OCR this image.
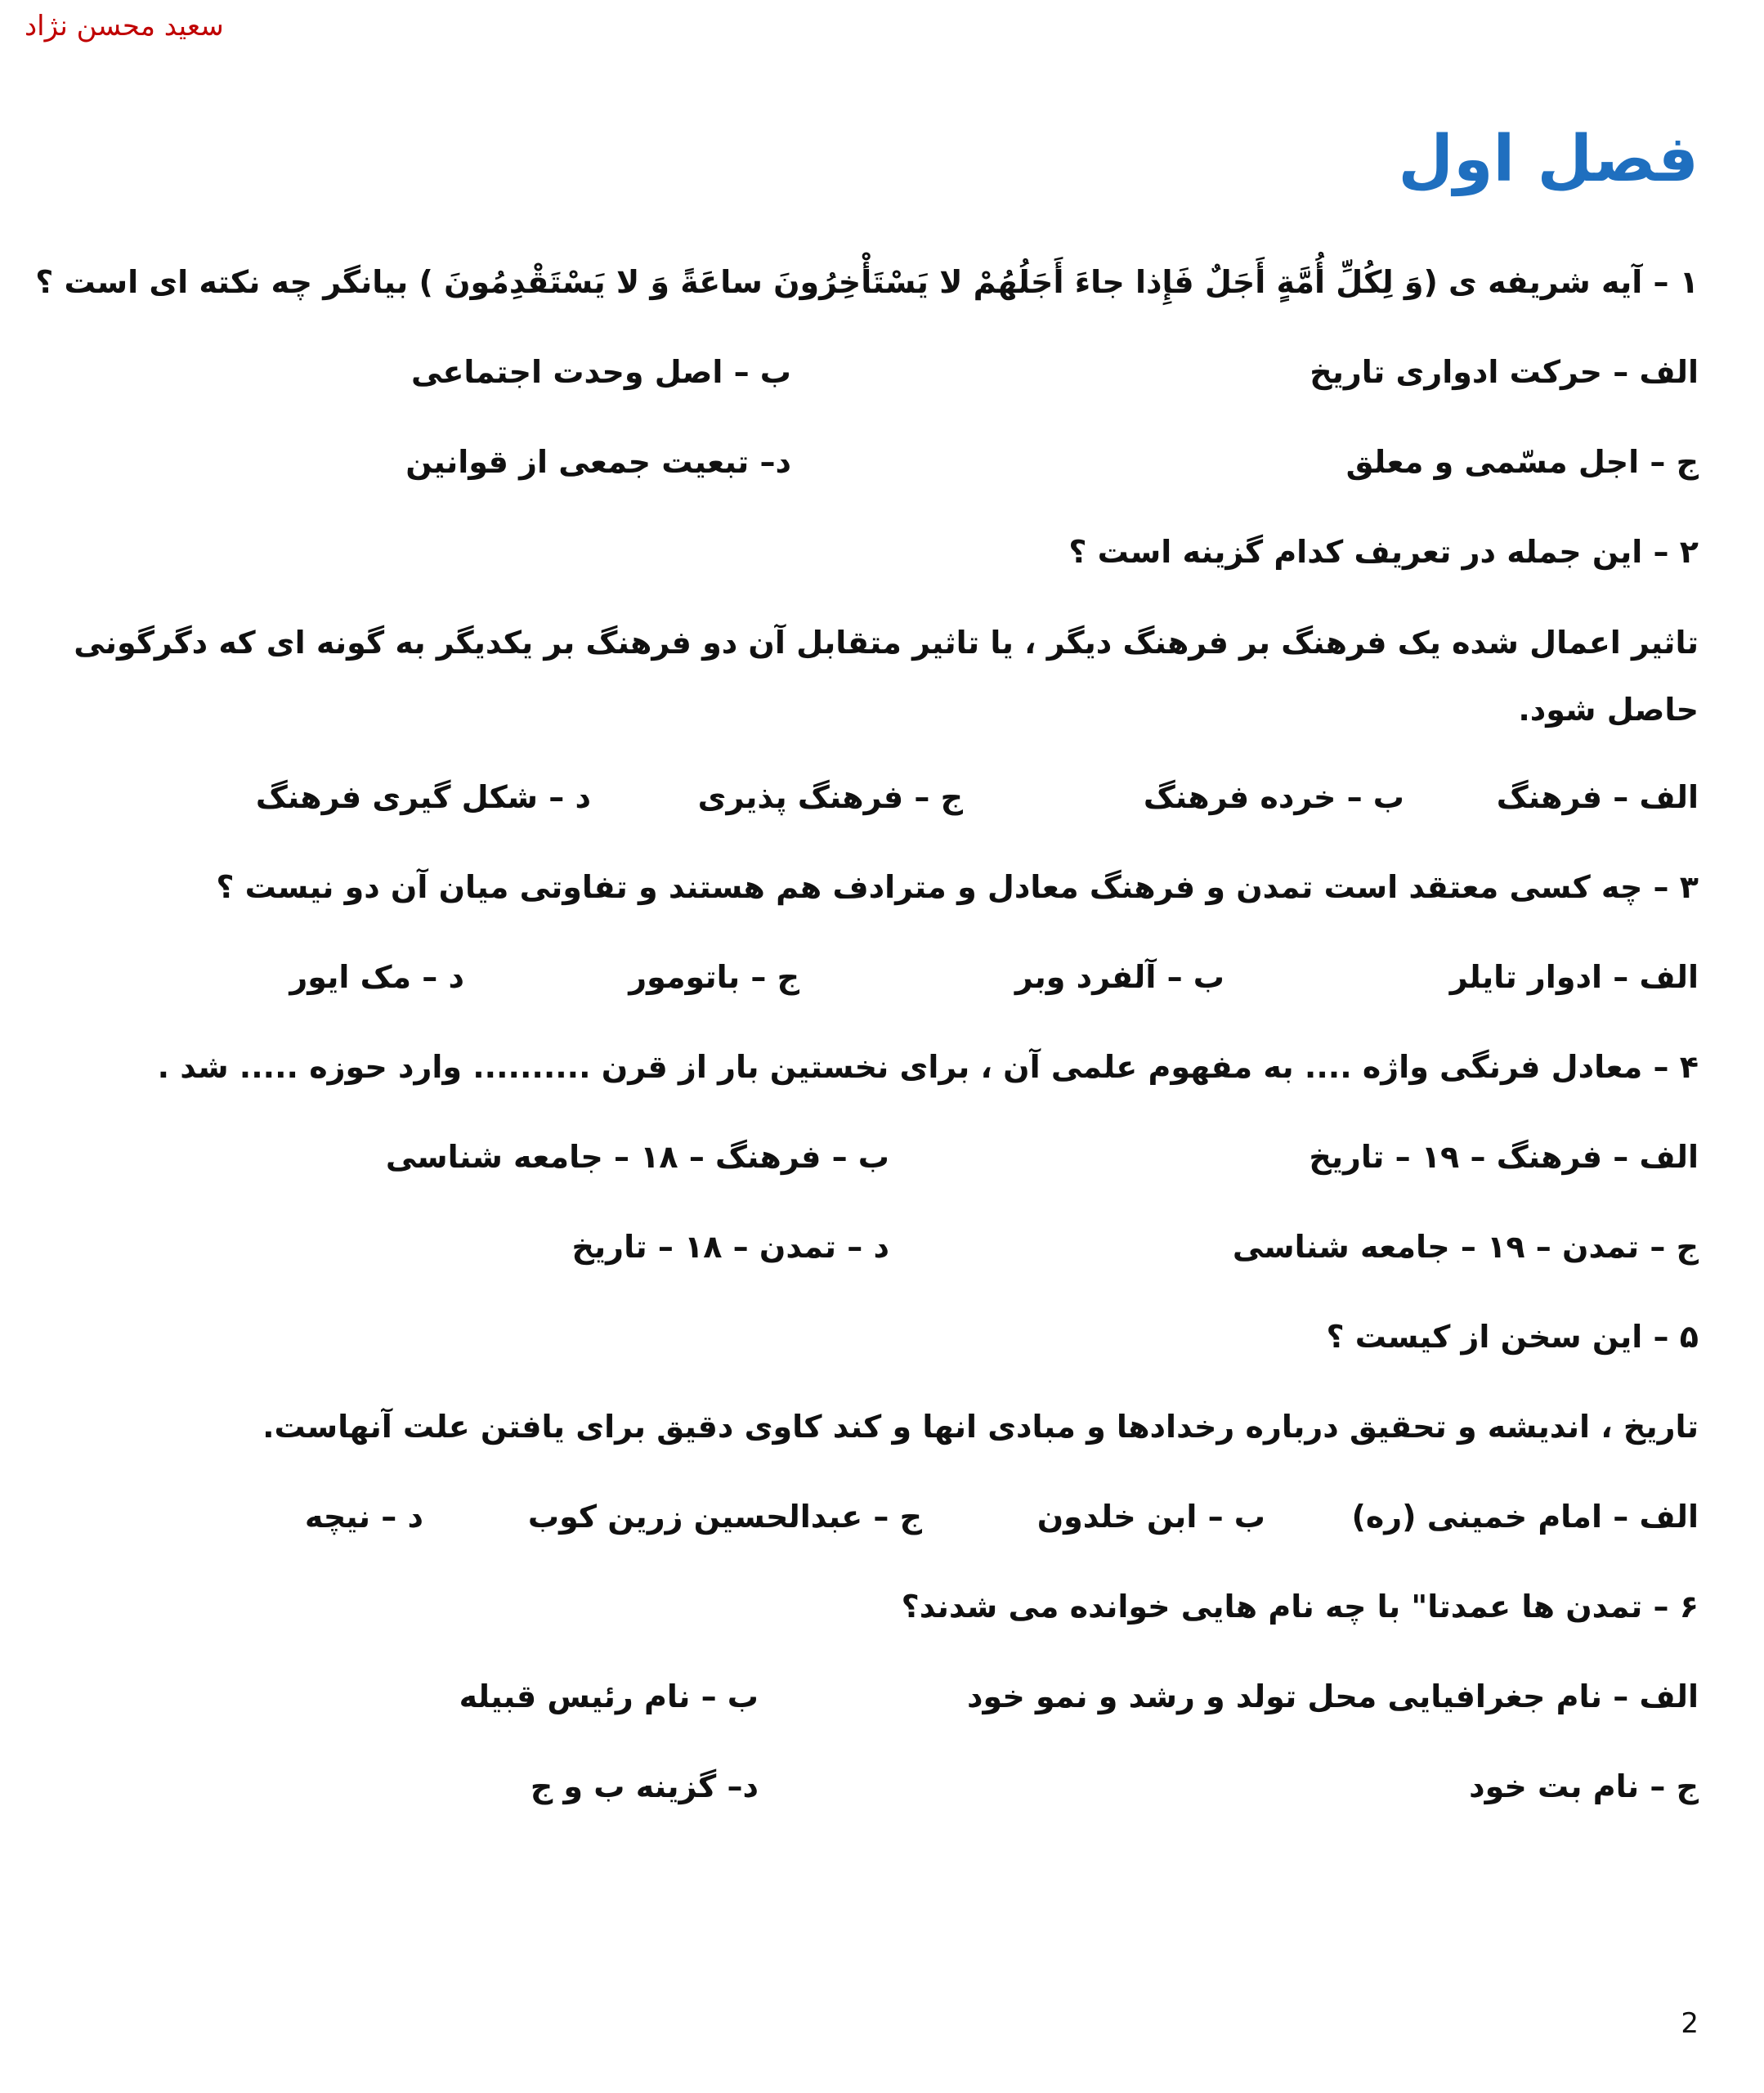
سعید محسن نژاد
فصل اول
۱ – آیه شریفه ی (وَ لِکُلِّ أُمَّةٍ أَجَلٌ فَإِذا جاءَ أَجَلُهُمْ لا یَسْتَأْخِرُونَ ساعَةً وَ لا یَسْتَقْدِمُونَ ) بیانگر چه نکته ای است ؟
الف – حرکت ادواری تاریخ
ب – اصل وحدت اجتماعی
ج – اجل مسّمی و معلق
د– تبعیت جمعی از قوانین
۲ – این جمله در تعریف کدام گزینه است ؟
تاثیر اعمال شده یک فرهنگ بر فرهنگ دیگر ، یا تاثیر متقابل آن دو فرهنگ بر یکدیگر به گونه ای که دگرگونی حاصل شود.
الف – فرهنگ
ب – خرده فرهنگ
ج – فرهنگ پذیری
د – شکل گیری فرهنگ
۳ – چه کسی معتقد است تمدن و فرهنگ معادل و مترادف هم هستند و تفاوتی میان آن دو نیست ؟
الف – ادوار تایلر
ب – آلفرد وبر
ج – باتومور
د – مک ایور
۴ – معادل فرنگی واژه .... به مفهوم علمی آن ، برای نخستین بار از قرن .......... وارد حوزه ..... شد .
الف – فرهنگ – ۱۹ – تاریخ
ب – فرهنگ – ۱۸ – جامعه شناسی
ج – تمدن – ۱۹ – جامعه شناسی
د – تمدن – ۱۸ – تاریخ
۵ – این سخن از کیست ؟
تاریخ ، اندیشه و تحقیق درباره رخدادها و مبادی انها و کند کاوی دقیق برای یافتن علت آنهاست.
الف – امام خمینی (ره)
ب – ابن خلدون
ج – عبدالحسین زرین کوب
د – نیچه
۶ – تمدن ها عمدتا" با چه نام هایی خوانده می شدند؟
الف – نام جغرافیایی محل تولد و رشد و نمو خود
ب – نام رئیس قبیله
ج – نام بت خود
د– گزینه ب و ج
2
